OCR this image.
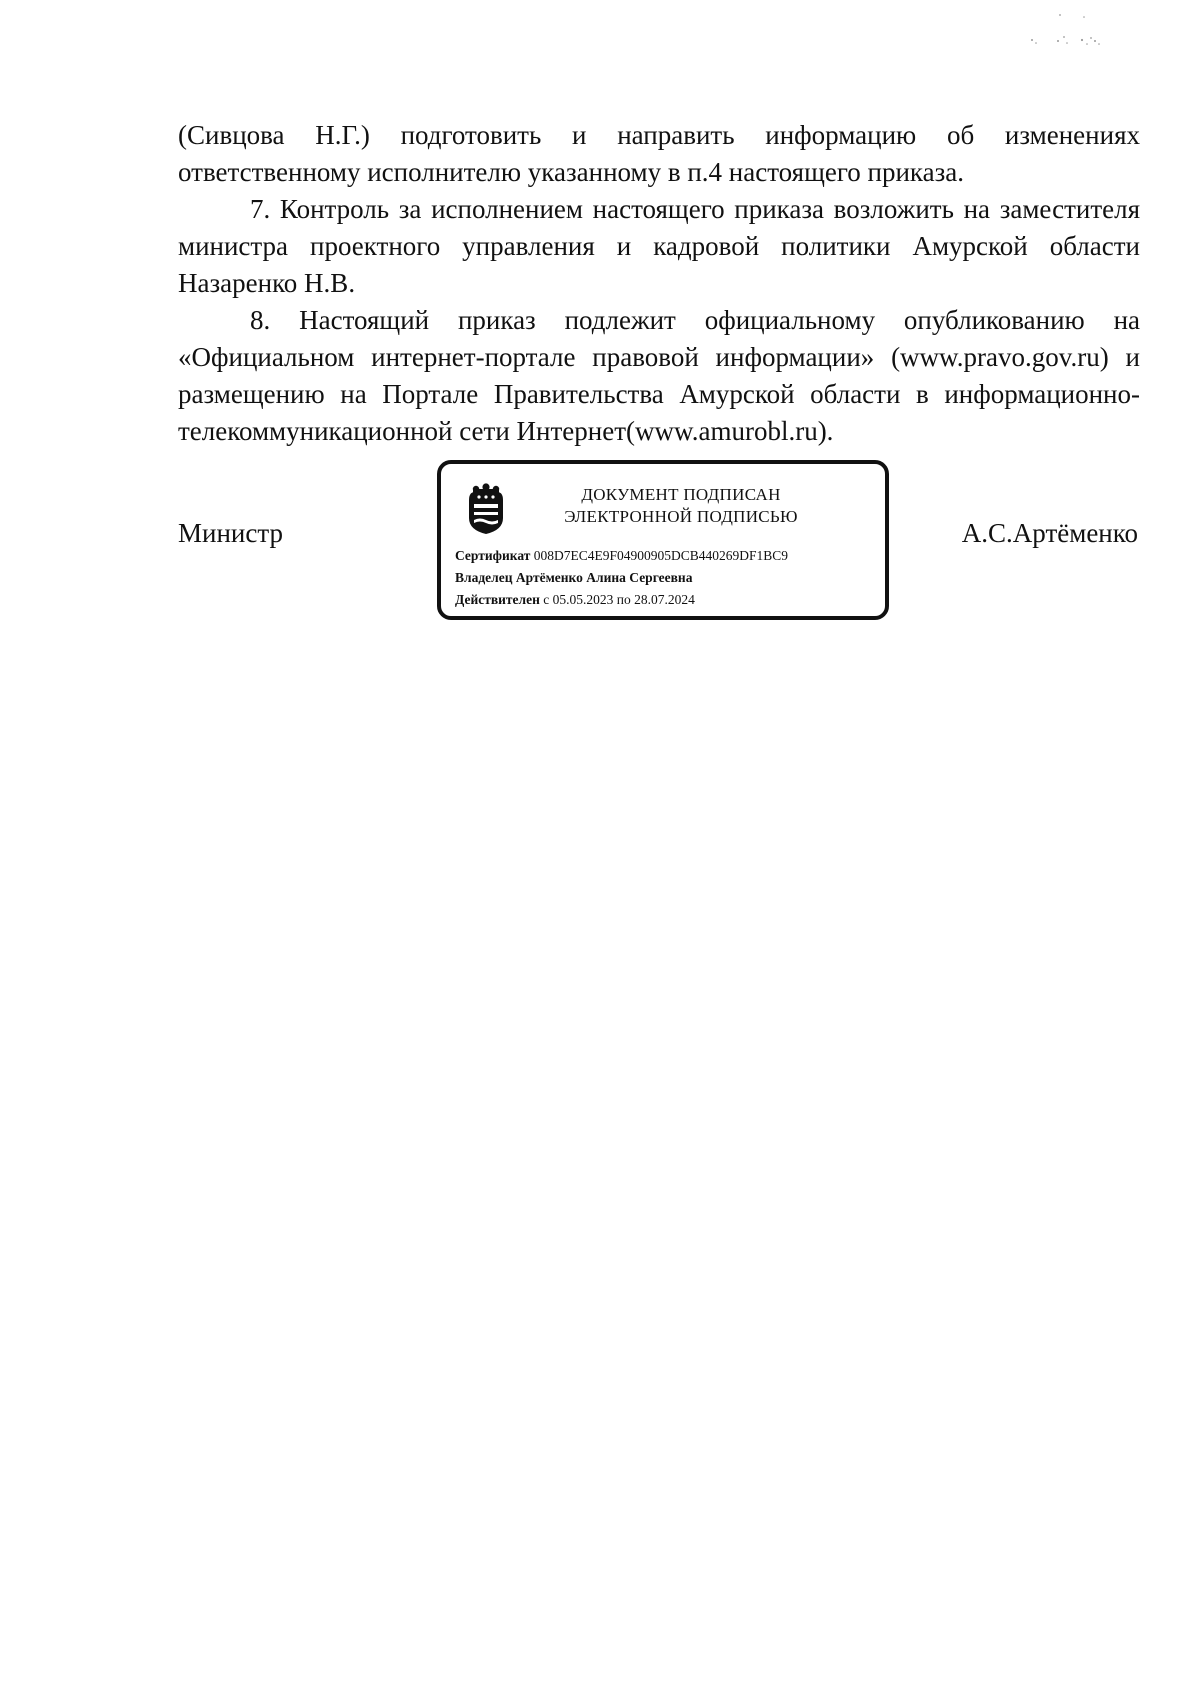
(Сивцова Н.Г.) подготовить и направить информацию об изменениях ответственному исполнителю указанному в п.4 настоящего приказа.

7. Контроль за исполнением настоящего приказа возложить на заместителя министра проектного управления и кадровой политики Амурской области Назаренко Н.В.

8. Настоящий приказ подлежит официальному опубликованию на «Официальном интернет-портале правовой информации» (www.pravo.gov.ru) и размещению на Портале Правительства Амурской области в информационно-телекоммуникационной сети Интернет(www.amurobl.ru).

Министр
ДОКУМЕНТ ПОДПИСАН
ЭЛЕКТРОННОЙ ПОДПИСЬЮ
Сертификат 008D7EC4E9F04900905DCB440269DF1BC9
Владелец Артёменко Алина Сергеевна
Действителен с 05.05.2023 по 28.07.2024
А.С.Артёменко
